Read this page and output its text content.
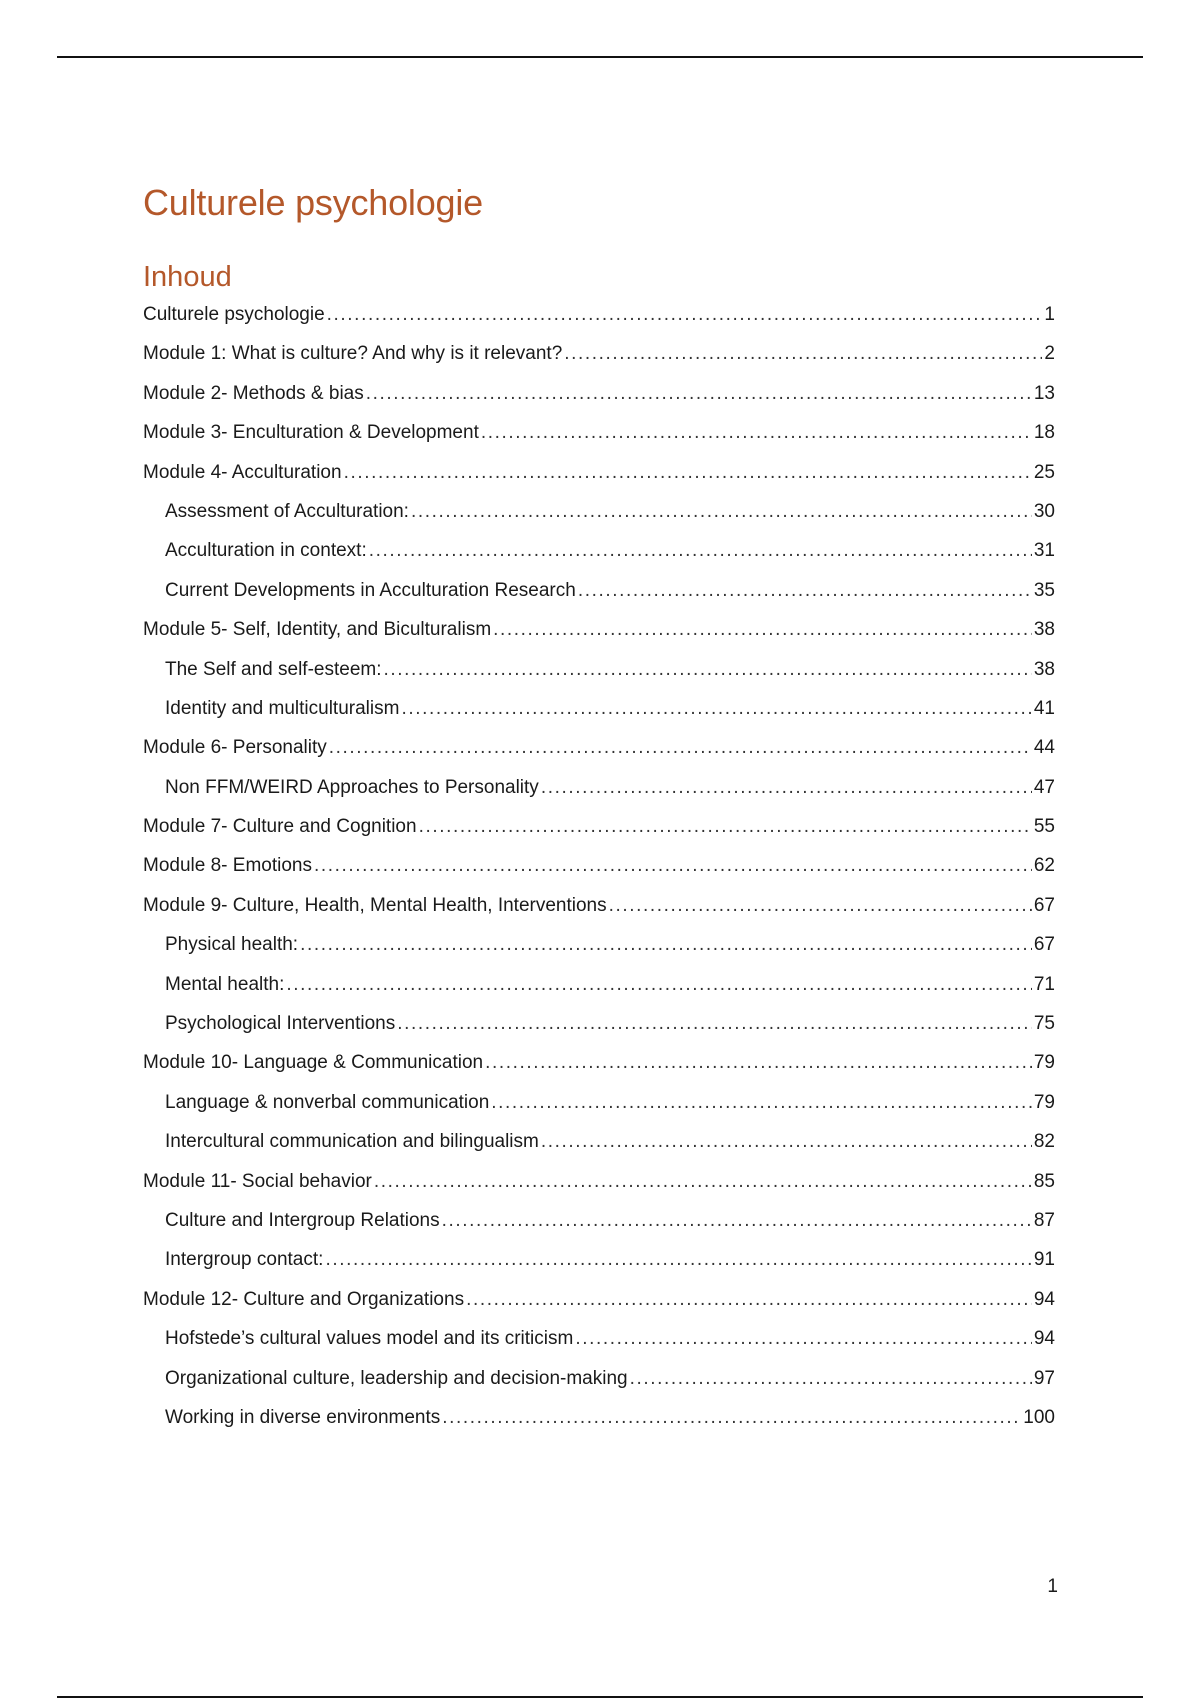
Culturele psychologie
Inhoud
Culturele psychologie .....	1
Module 1: What is culture? And why is it relevant? .....	2
Module 2- Methods & bias .....	13
Module 3- Enculturation & Development .....	18
Module 4- Acculturation .....	25
Assessment of Acculturation: .....	30
Acculturation in context: .....	31
Current Developments in Acculturation Research .....	35
Module 5- Self, Identity, and Biculturalism .....	38
The Self and self-esteem: .....	38
Identity and multiculturalism .....	41
Module 6- Personality .....	44
Non FFM/WEIRD Approaches to Personality .....	47
Module 7- Culture and Cognition .....	55
Module 8- Emotions .....	62
Module 9- Culture, Health, Mental Health, Interventions .....	67
Physical health: .....	67
Mental health: .....	71
Psychological Interventions .....	75
Module 10- Language & Communication .....	79
Language & nonverbal communication .....	79
Intercultural communication and bilingualism .....	82
Module 11- Social behavior .....	85
Culture and Intergroup Relations .....	87
Intergroup contact: .....	91
Module 12- Culture and Organizations .....	94
Hofstede’s cultural values model and its criticism .....	94
Organizational culture, leadership and decision-making .....	97
Working in diverse environments .....	100
1
